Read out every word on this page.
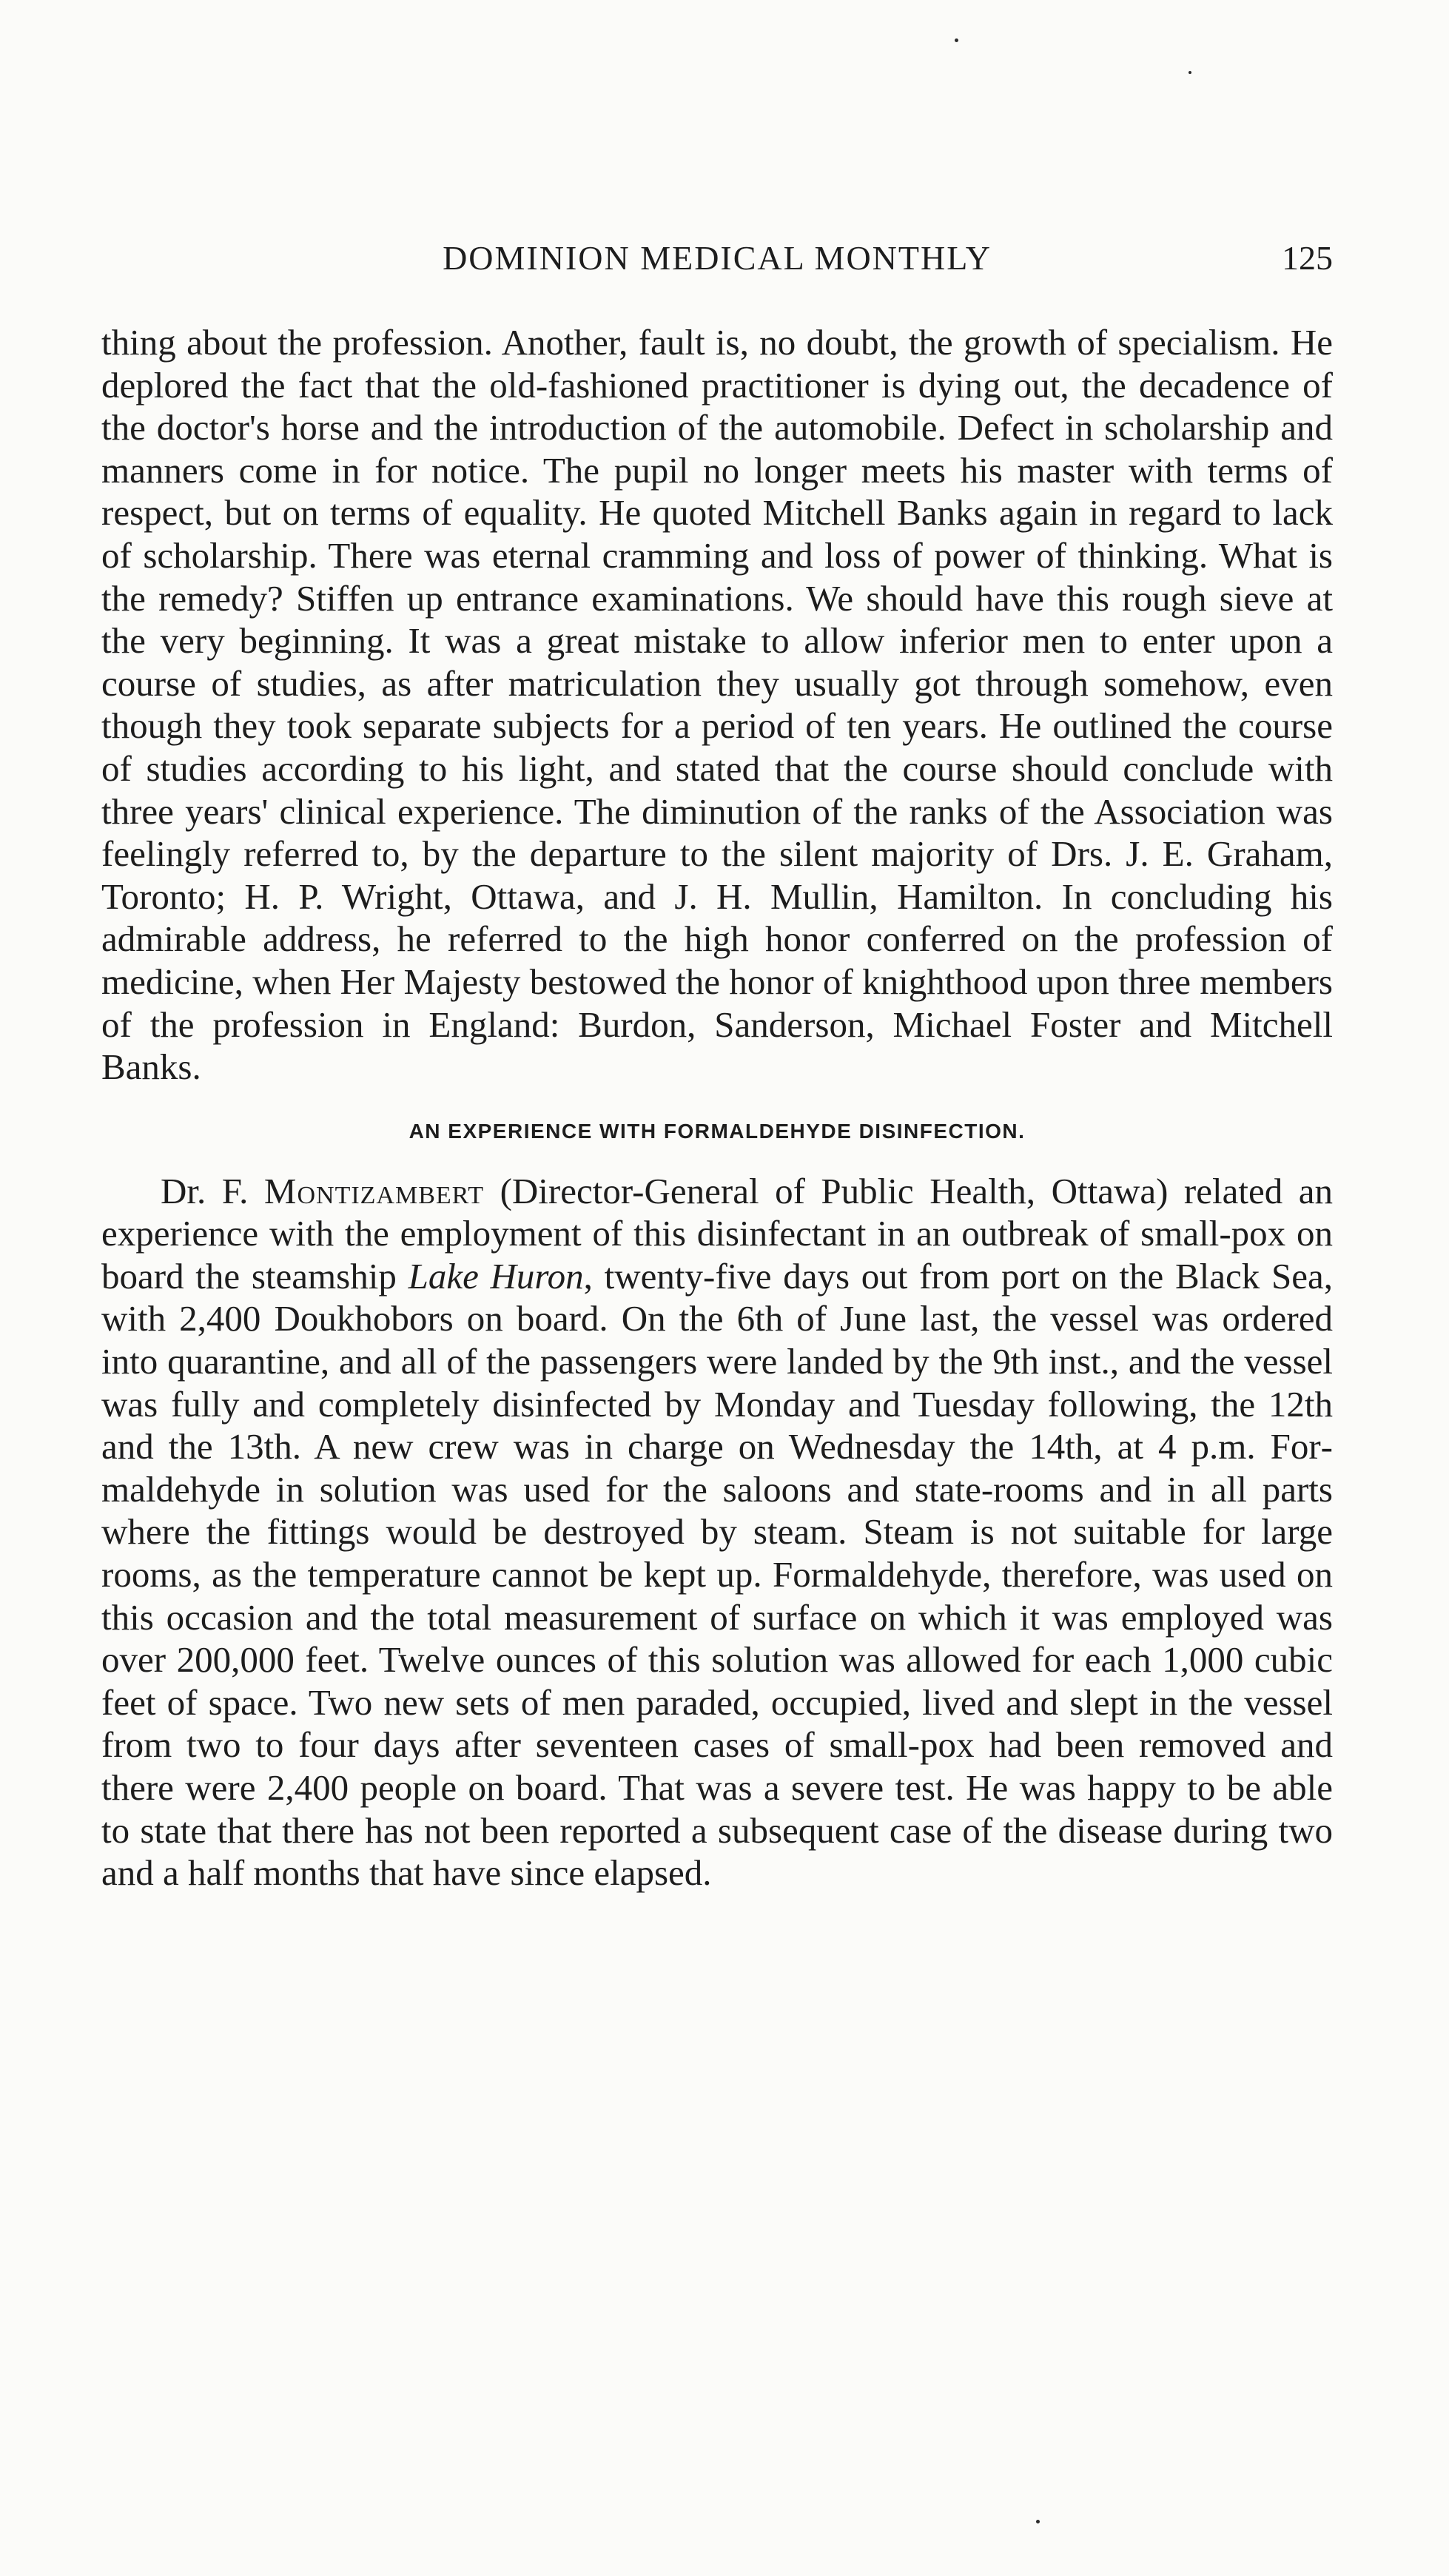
DOMINION MEDICAL MONTHLY	125

thing about the profession. Another, fault is, no doubt, the growth of specialism. He deplored the fact that the old-fashioned practitioner is dying out, the decadence of the doctor's horse and the introduction of the automobile. Defect in scholarship and manners come in for notice. The pupil no longer meets his master with terms of respect, but on terms of equality. He quoted Mitchell Banks again in regard to lack of scholarship. There was eternal cramming and loss of power of thinking. What is the remedy? Stiffen up entrance examinations. We should have this rough sieve at the very beginning. It was a great mistake to allow inferior men to enter upon a course of studies, as after matriculation they usually got through somehow, even though they took separate subjects for a period of ten years. He outlined the course of studies according to his light, and stated that the course should conclude with three years' clinical experience. The diminution of the ranks of the Association was feelingly referred to, by the departure to the silent majority of Drs. J. E. Graham, Toronto; H. P. Wright, Ottawa, and J. H. Mullin, Hamilton. In concluding his admirable address, he referred to the high honor conferred on the profession of medicine, when Her Majesty bestowed the honor of knighthood upon three members of the profession in England: Burdon, Sanderson, Michael Foster and Mitchell Banks.

AN EXPERIENCE WITH FORMALDEHYDE DISINFECTION.

Dr. F. Montizambert (Director-General of Public Health, Ottawa) related an experience with the employment of this disinfectant in an outbreak of small-pox on board the steamship Lake Huron, twenty-five days out from port on the Black Sea, with 2,400 Doukhobors on board. On the 6th of June last, the vessel was ordered into quarantine, and all of the passengers were landed by the 9th inst., and the vessel was fully and completely disinfected by Monday and Tuesday following, the 12th and the 13th. A new crew was in charge on Wednesday the 14th, at 4 p.m. Formaldehyde in solution was used for the saloons and state-rooms and in all parts where the fittings would be destroyed by steam. Steam is not suitable for large rooms, as the temperature cannot be kept up. Formaldehyde, therefore, was used on this occasion and the total measurement of surface on which it was employed was over 200,000 feet. Twelve ounces of this solution was allowed for each 1,000 cubic feet of space. Two new sets of men paraded, occupied, lived and slept in the vessel from two to four days after seventeen cases of small-pox had been removed and there were 2,400 people on board. That was a severe test. He was happy to be able to state that there has not been reported a subsequent case of the disease during two and a half months that have since elapsed.
